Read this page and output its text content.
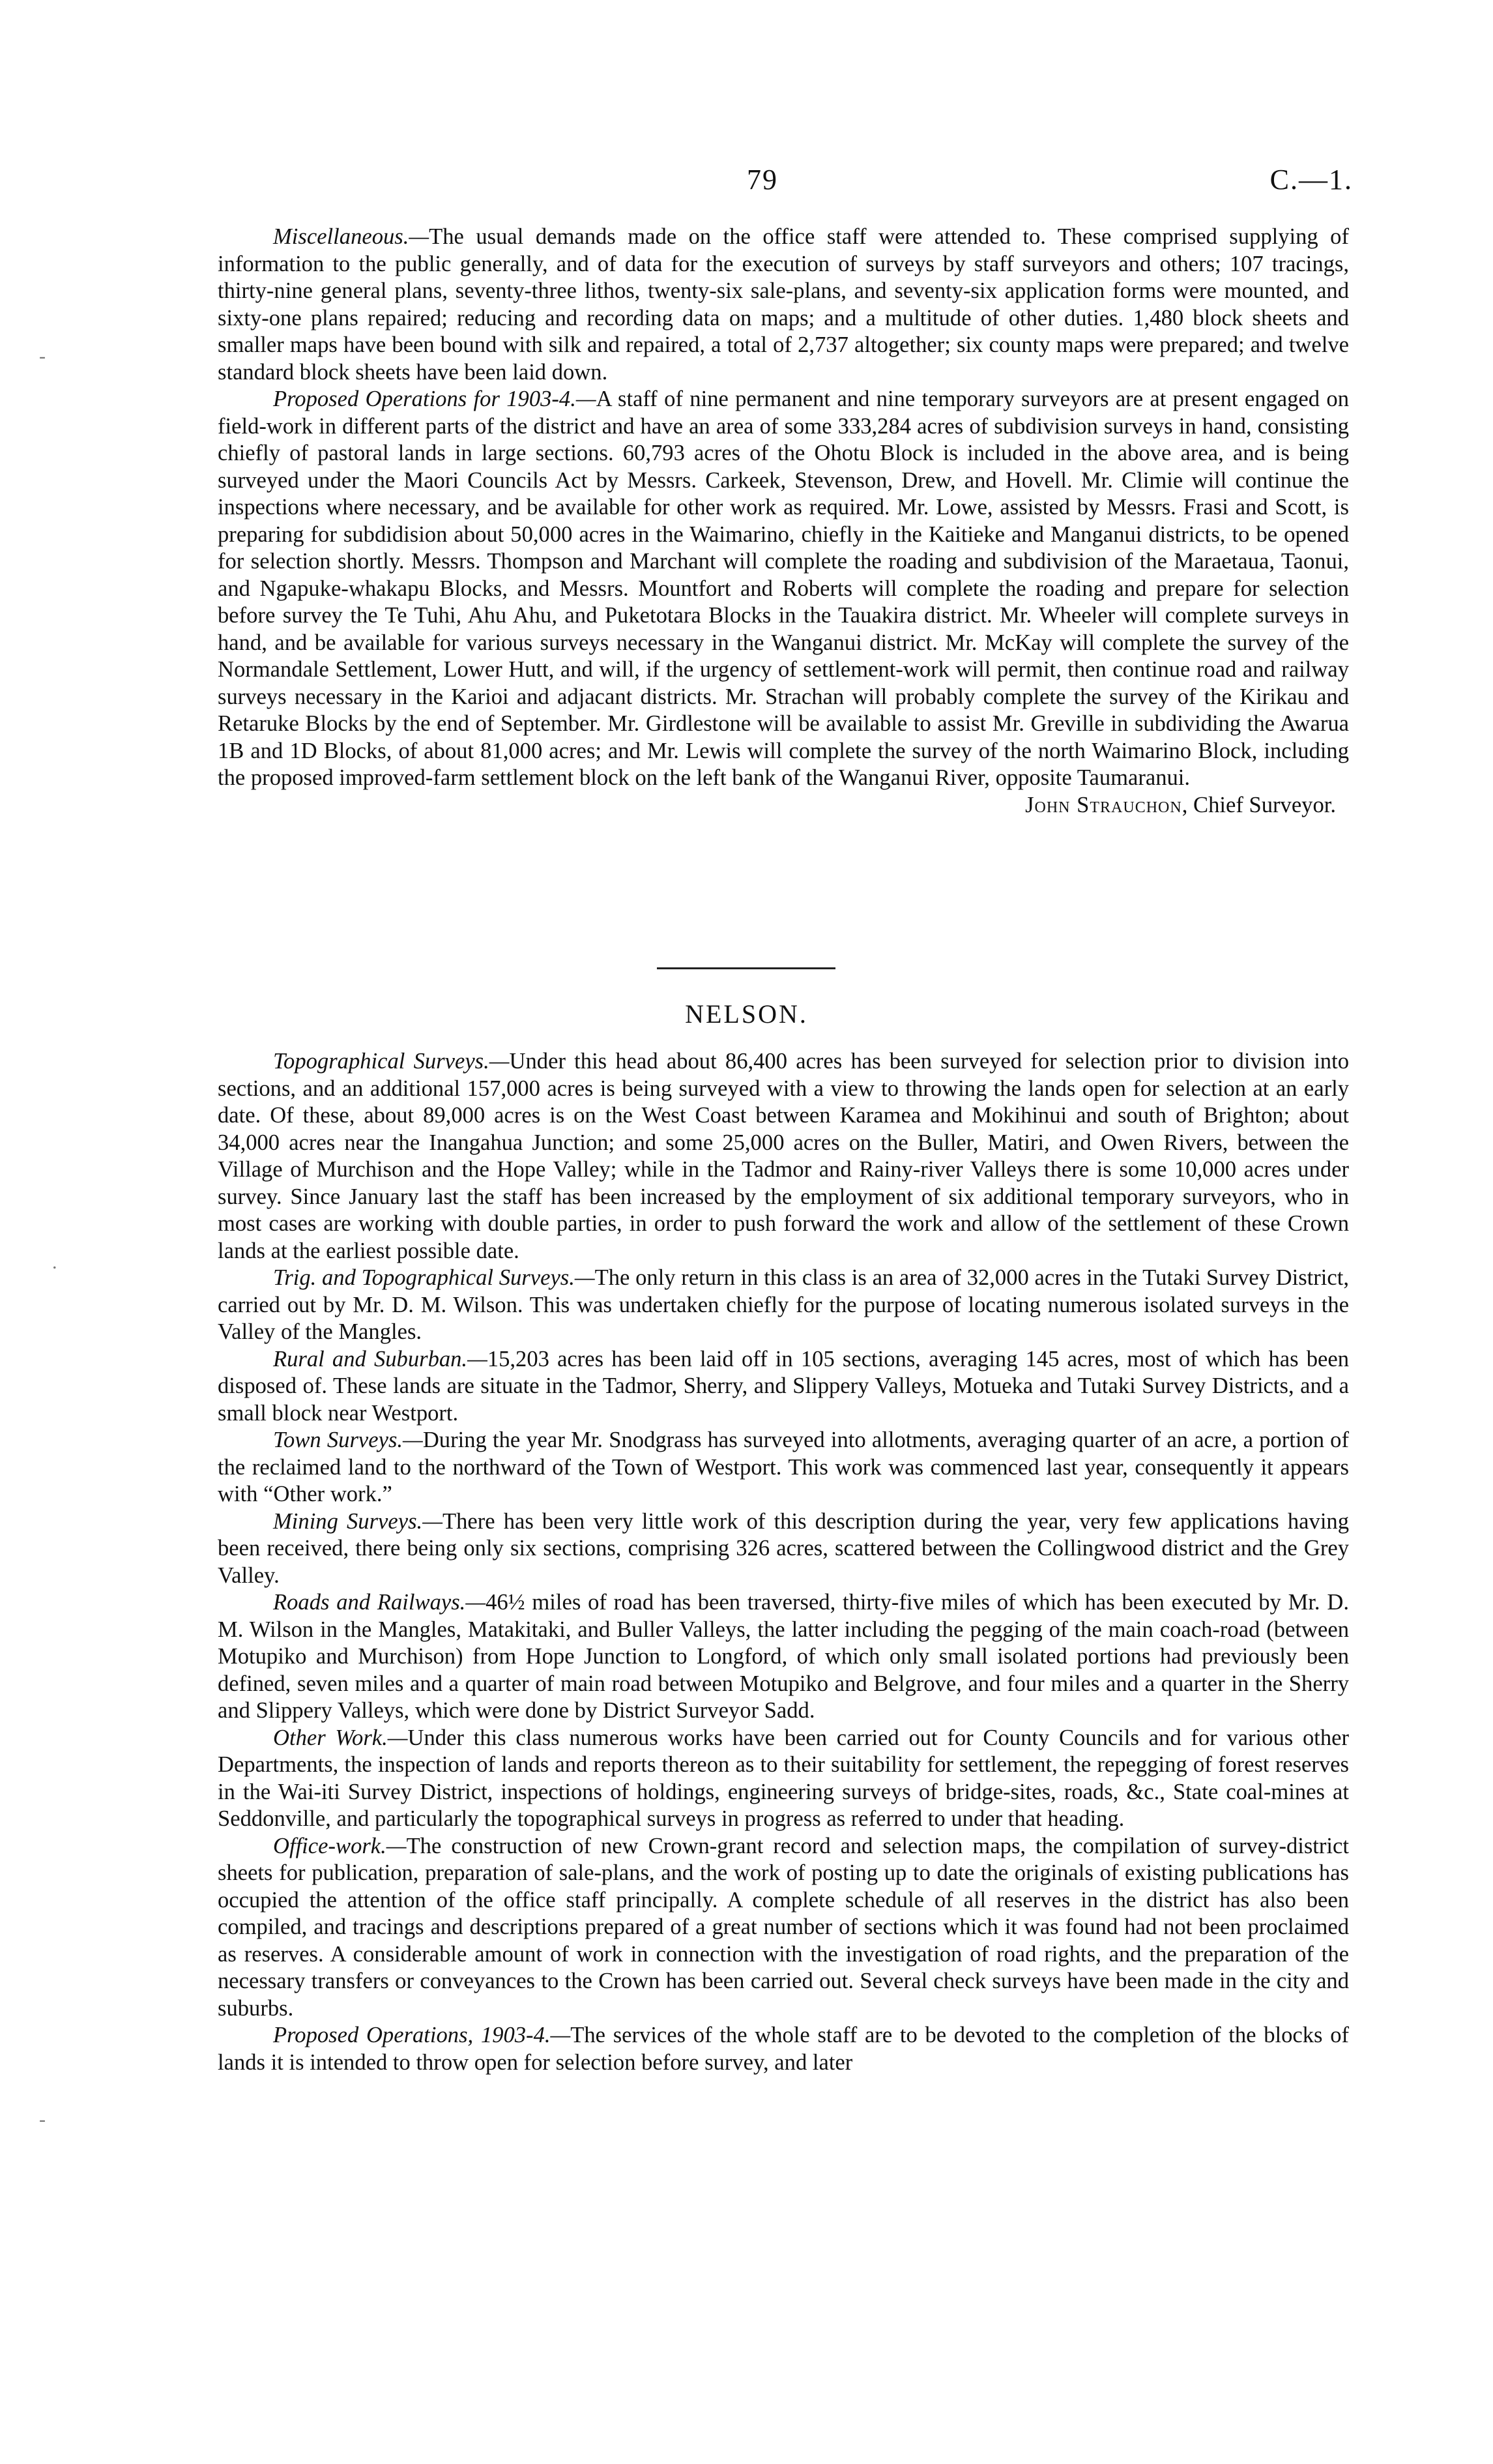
79	C.—1.

Miscellaneous.—The usual demands made on the office staff were attended to. These comprised supplying of information to the public generally, and of data for the execution of surveys by staff surveyors and others; 107 tracings, thirty-nine general plans, seventy-three lithos, twenty-six sale-plans, and seventy-six application forms were mounted, and sixty-one plans repaired; reducing and recording data on maps; and a multitude of other duties. 1,480 block sheets and smaller maps have been bound with silk and repaired, a total of 2,737 altogether; six county maps were prepared; and twelve standard block sheets have been laid down.

Proposed Operations for 1903-4.—A staff of nine permanent and nine temporary surveyors are at present engaged on field-work in different parts of the district and have an area of some 333,284 acres of subdivision surveys in hand, consisting chiefly of pastoral lands in large sections. 60,793 acres of the Ohotu Block is included in the above area, and is being surveyed under the Maori Councils Act by Messrs. Carkeek, Stevenson, Drew, and Hovell. Mr. Climie will continue the inspections where necessary, and be available for other work as required. Mr. Lowe, assisted by Messrs. Frasi and Scott, is preparing for subdidision about 50,000 acres in the Waimarino, chiefly in the Kaitieke and Manganui districts, to be opened for selection shortly. Messrs. Thompson and Marchant will complete the roading and subdivision of the Maraetaua, Taonui, and Ngapuke-whakapu Blocks, and Messrs. Mountfort and Roberts will complete the roading and prepare for selection before survey the Te Tuhi, Ahu Ahu, and Puketotara Blocks in the Tauakira district. Mr. Wheeler will complete surveys in hand, and be available for various surveys necessary in the Wanganui district. Mr. McKay will complete the survey of the Normandale Settlement, Lower Hutt, and will, if the urgency of settlement-work will permit, then continue road and railway surveys necessary in the Karioi and adjacant districts. Mr. Strachan will probably complete the survey of the Kirikau and Retaruke Blocks by the end of September. Mr. Girdlestone will be available to assist Mr. Greville in subdividing the Awarua 1B and 1D Blocks, of about 81,000 acres; and Mr. Lewis will complete the survey of the north Waimarino Block, including the proposed improved-farm settlement block on the left bank of the Wanganui River, opposite Taumaranui.

John Strauchon, Chief Surveyor.

NELSON.

Topographical Surveys.—Under this head about 86,400 acres has been surveyed for selection prior to division into sections, and an additional 157,000 acres is being surveyed with a view to throwing the lands open for selection at an early date. Of these, about 89,000 acres is on the West Coast between Karamea and Mokihinui and south of Brighton; about 34,000 acres near the Inangahua Junction; and some 25,000 acres on the Buller, Matiri, and Owen Rivers, between the Village of Murchison and the Hope Valley; while in the Tadmor and Rainy-river Valleys there is some 10,000 acres under survey. Since January last the staff has been increased by the employment of six additional temporary surveyors, who in most cases are working with double parties, in order to push forward the work and allow of the settlement of these Crown lands at the earliest possible date.

Trig. and Topographical Surveys.—The only return in this class is an area of 32,000 acres in the Tutaki Survey District, carried out by Mr. D. M. Wilson. This was undertaken chiefly for the purpose of locating numerous isolated surveys in the Valley of the Mangles.

Rural and Suburban.—15,203 acres has been laid off in 105 sections, averaging 145 acres, most of which has been disposed of. These lands are situate in the Tadmor, Sherry, and Slippery Valleys, Motueka and Tutaki Survey Districts, and a small block near Westport.

Town Surveys.—During the year Mr. Snodgrass has surveyed into allotments, averaging quarter of an acre, a portion of the reclaimed land to the northward of the Town of Westport. This work was commenced last year, consequently it appears with “Other work.”

Mining Surveys.—There has been very little work of this description during the year, very few applications having been received, there being only six sections, comprising 326 acres, scattered between the Collingwood district and the Grey Valley.

Roads and Railways.—46½ miles of road has been traversed, thirty-five miles of which has been executed by Mr. D. M. Wilson in the Mangles, Matakitaki, and Buller Valleys, the latter including the pegging of the main coach-road (between Motupiko and Murchison) from Hope Junction to Longford, of which only small isolated portions had previously been defined, seven miles and a quarter of main road between Motupiko and Belgrove, and four miles and a quarter in the Sherry and Slippery Valleys, which were done by District Surveyor Sadd.

Other Work.—Under this class numerous works have been carried out for County Councils and for various other Departments, the inspection of lands and reports thereon as to their suitability for settlement, the repegging of forest reserves in the Wai-iti Survey District, inspections of holdings, engineering surveys of bridge-sites, roads, &c., State coal-mines at Seddonville, and particularly the topographical surveys in progress as referred to under that heading.

Office-work.—The construction of new Crown-grant record and selection maps, the compilation of survey-district sheets for publication, preparation of sale-plans, and the work of posting up to date the originals of existing publications has occupied the attention of the office staff principally. A complete schedule of all reserves in the district has also been compiled, and tracings and descriptions prepared of a great number of sections which it was found had not been proclaimed as reserves. A considerable amount of work in connection with the investigation of road rights, and the preparation of the necessary transfers or conveyances to the Crown has been carried out. Several check surveys have been made in the city and suburbs.

Proposed Operations, 1903-4.—The services of the whole staff are to be devoted to the completion of the blocks of lands it is intended to throw open for selection before survey, and later

-
.
-
